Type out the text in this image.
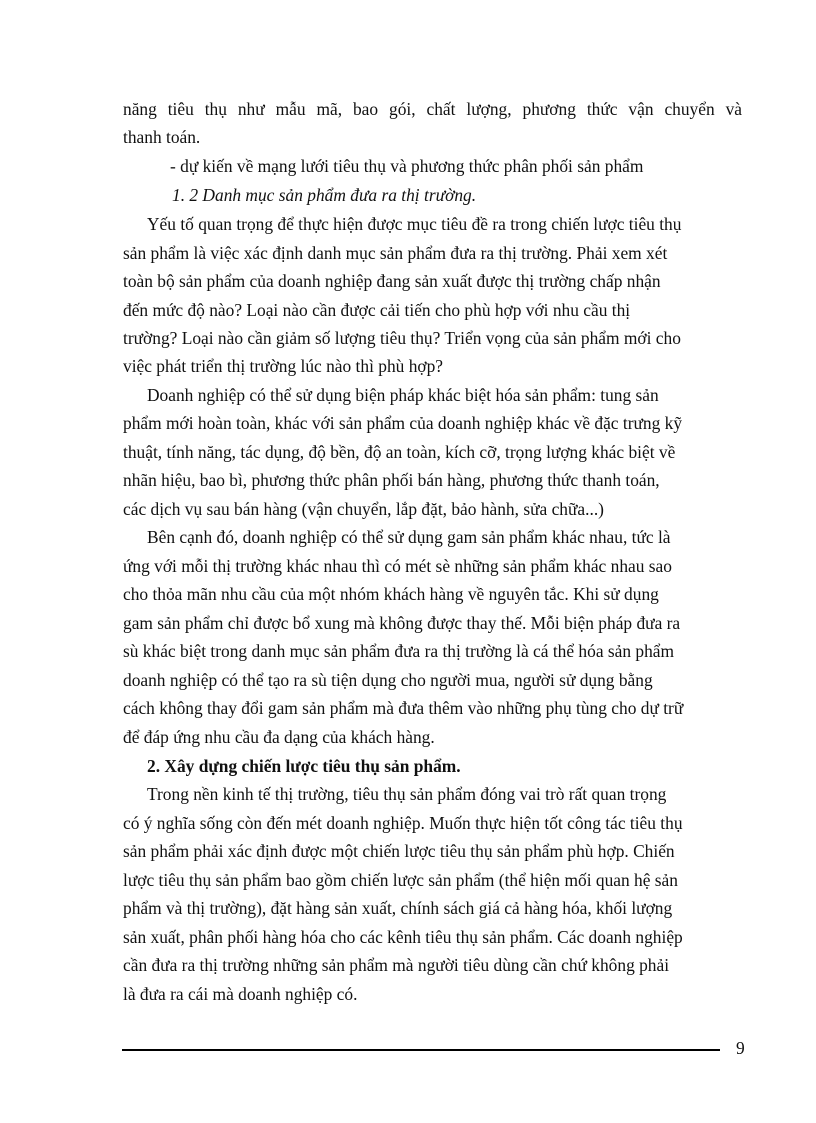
năng tiêu thụ như mẫu mã, bao gói, chất lượng, phương thức vận chuyển và
thanh toán.
- dự kiến về mạng lưới tiêu thụ và phương thức phân phối sản phẩm
1. 2 Danh mục sản phẩm đưa ra thị trường.
Yếu tố quan trọng để thực hiện được mục tiêu đề ra trong chiến lược tiêu thụ
sản phẩm là việc xác định danh mục sản phẩm đưa ra thị trường. Phải xem xét
toàn bộ sản phẩm của doanh nghiệp đang sản xuất được thị trường chấp nhận
đến mức độ nào? Loại nào cần được cải tiến cho phù hợp với nhu cầu thị
trường? Loại nào cần giảm số lượng tiêu thụ? Triển vọng của sản phẩm mới cho
việc phát triển thị trường lúc nào thì phù hợp?
Doanh nghiệp có thể sử dụng biện pháp khác biệt hóa sản phẩm: tung sản
phẩm mới hoàn toàn, khác với sản phẩm của doanh nghiệp khác về đặc trưng kỹ
thuật, tính năng, tác dụng, độ bền, độ an toàn, kích cỡ, trọng lượng khác biệt về
nhãn hiệu, bao bì, phương thức phân phối bán hàng, phương thức thanh toán,
các dịch vụ sau bán hàng (vận chuyển, lắp đặt, bảo hành, sửa chữa...)
Bên cạnh đó, doanh nghiệp có thể sử dụng gam sản phẩm khác nhau, tức là
ứng với mỗi thị trường khác nhau thì có mét sè những sản phẩm khác nhau sao
cho thỏa mãn nhu cầu của một nhóm khách hàng về nguyên tắc. Khi sử dụng
gam sản phẩm chỉ được bổ xung mà không được thay thế. Mỗi biện pháp đưa ra
sù khác biệt trong danh mục sản phẩm đưa ra thị trường là cá thể hóa sản phẩm
doanh nghiệp có thể tạo ra sù tiện dụng cho người mua, người sử dụng bằng
cách không thay đổi gam sản phẩm mà đưa thêm vào những phụ tùng cho dự trữ
để đáp ứng nhu cầu đa dạng của khách hàng.
2. Xây dựng chiến lược tiêu thụ sản phẩm.
Trong nền kinh tế thị trường, tiêu thụ sản phẩm đóng vai trò rất quan trọng
có ý nghĩa sống còn đến mét doanh nghiệp. Muốn thực hiện tốt công tác tiêu thụ
sản phẩm phải xác định được một chiến lược tiêu thụ sản phẩm phù hợp. Chiến
lược tiêu thụ sản phẩm bao gồm chiến lược sản phẩm (thể hiện mối quan hệ sản
phẩm và thị trường), đặt hàng sản xuất, chính sách giá cả hàng hóa, khối lượng
sản xuất, phân phối hàng hóa cho các kênh tiêu thụ sản phẩm. Các doanh nghiệp
cần đưa ra thị trường những sản phẩm mà người tiêu dùng cần chứ không phải
là đưa ra cái mà doanh nghiệp có.
9
